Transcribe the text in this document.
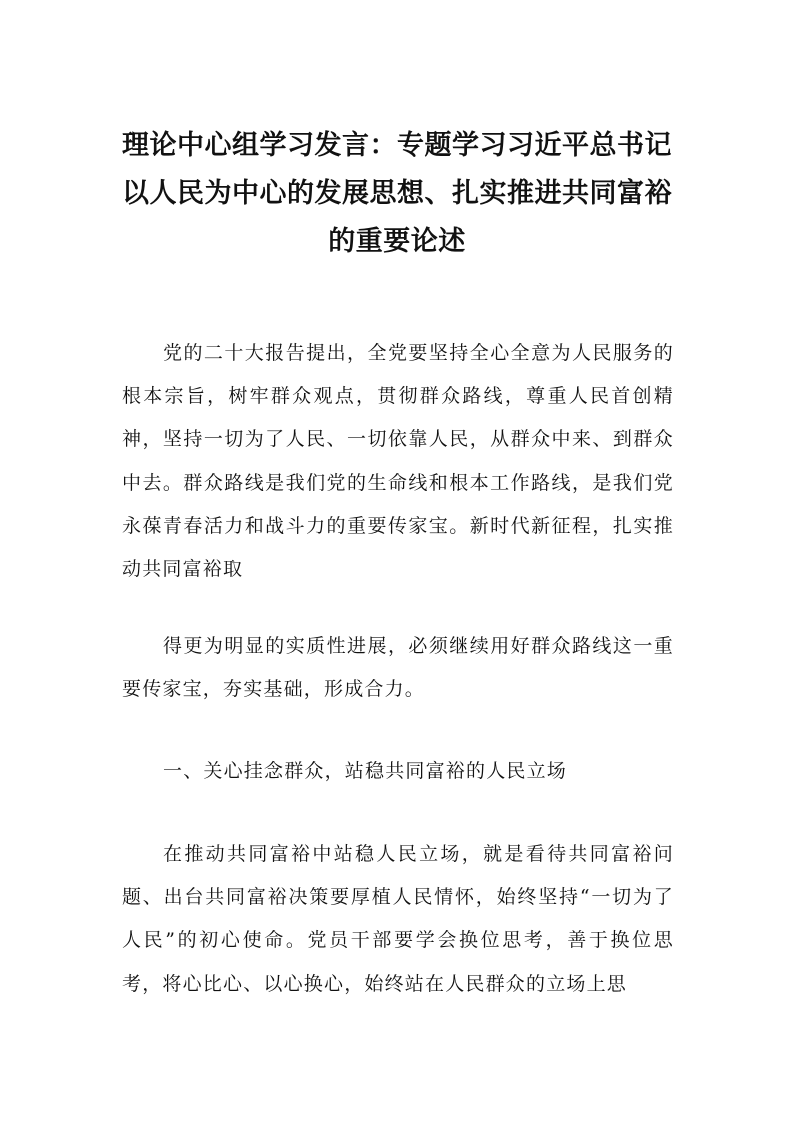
理论中心组学习发言：专题学习习近平总书记以人民为中心的发展思想、扎实推进共同富裕的重要论述

党的二十大报告提出，全党要坚持全心全意为人民服务的根本宗旨，树牢群众观点，贯彻群众路线，尊重人民首创精神，坚持一切为了人民、一切依靠人民，从群众中来、到群众中去。群众路线是我们党的生命线和根本工作路线，是我们党永葆青春活力和战斗力的重要传家宝。新时代新征程，扎实推动共同富裕取

得更为明显的实质性进展，必须继续用好群众路线这一重要传家宝，夯实基础，形成合力。

一、关心挂念群众，站稳共同富裕的人民立场

在推动共同富裕中站稳人民立场，就是看待共同富裕问题、出台共同富裕决策要厚植人民情怀，始终坚持“一切为了人民”的初心使命。党员干部要学会换位思考，善于换位思考，将心比心、以心换心，始终站在人民群众的立场上思
